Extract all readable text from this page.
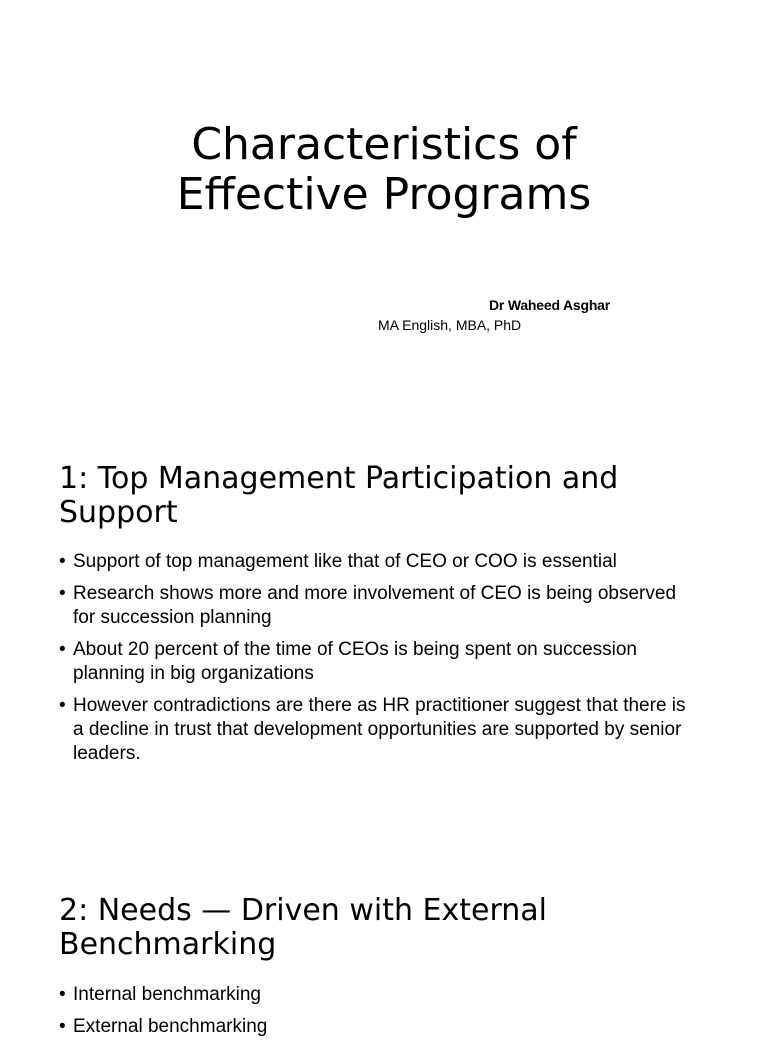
Characteristics of
Effective Programs
Dr Waheed Asghar
MA English, MBA, PhD
1: Top Management Participation and Support
• Support of top management like that of CEO or COO is essential
• Research shows more and more involvement of CEO is being observed for succession planning
• About 20 percent of the time of CEOs is being spent on succession planning in big organizations
• However contradictions are there as HR practitioner suggest that there is a decline in trust that development opportunities are supported by senior leaders.
2: Needs — Driven with External Benchmarking
• Internal benchmarking
• External benchmarking
